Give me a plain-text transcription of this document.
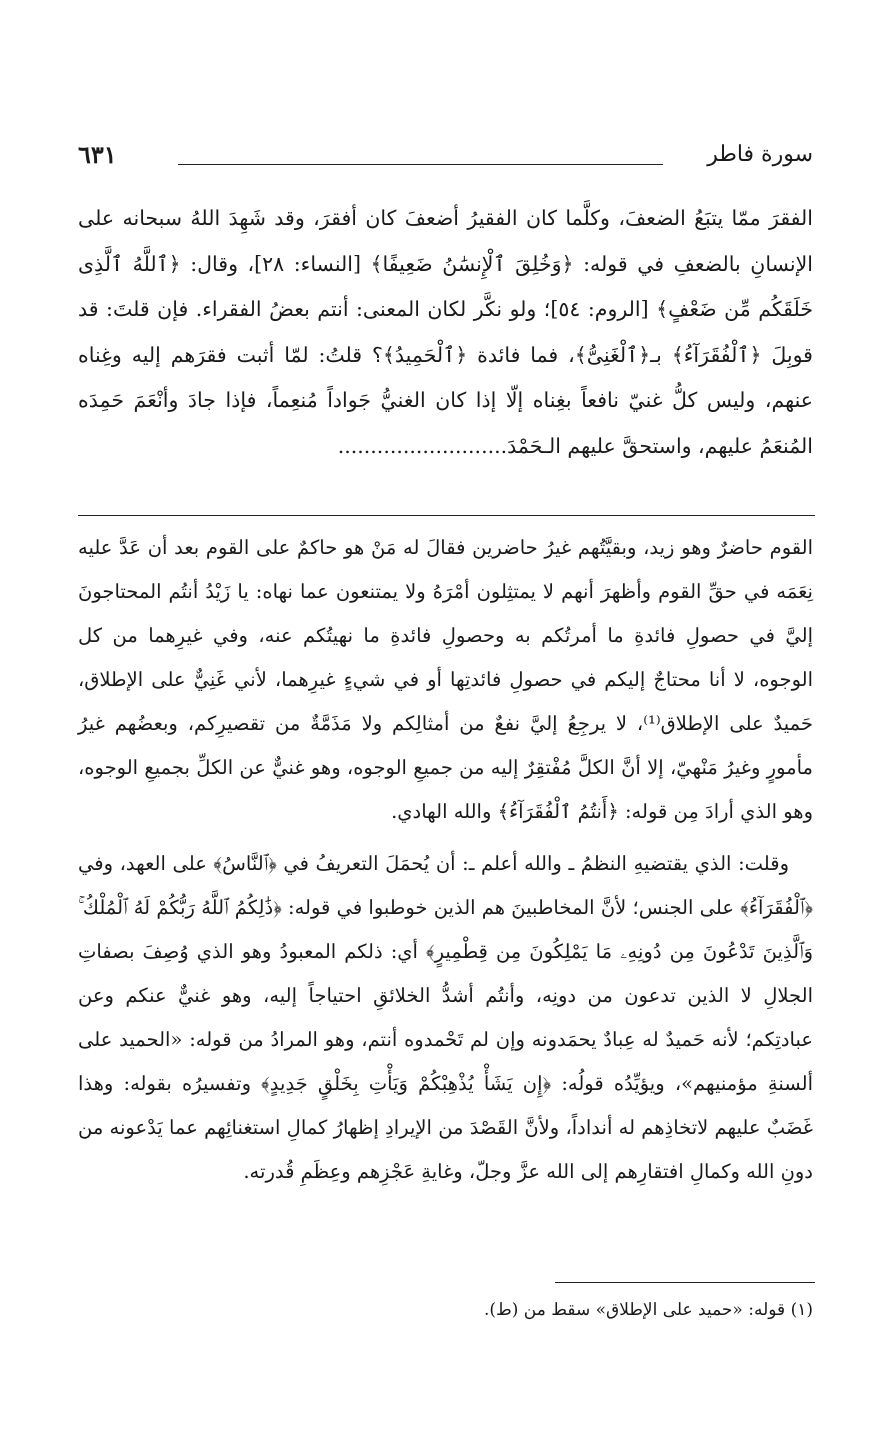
سورة فاطر
٦٣١

الفقرَ ممّا يتبَعُ الضعفَ، وكلَّما كان الفقيرُ أضعفَ كان أفقرَ، وقد شَهِدَ اللهُ سبحانه على الإنسانِ بالضعفِ في قوله: ﴿وَخُلِقَ ٱلْإِنسَٰنُ ضَعِيفًا﴾ [النساء: ٢٨]، وقال: ﴿ٱللَّهُ ٱلَّذِى خَلَقَكُم مِّن ضَعْفٍ﴾ [الروم: ٥٤]؛ ولو نكَّر لكان المعنى: أنتم بعضُ الفقراء. فإن قلتَ: قد قوبِلَ ﴿ٱلْفُقَرَآءُ﴾ بـ﴿ٱلْغَنِىُّ﴾، فما فائدة ﴿ٱلْحَمِيدُ﴾؟ قلتُ: لمّا أثبت فقرَهم إليه وغِناه عنهم، وليس كلُّ غنيّ نافعاً بغِناه إلّا إذا كان الغنيُّ جَواداً مُنعِماً، فإذا جادَ وأنْعَمَ حَمِدَه المُنعَمُ عليهم، واستحقَّ عليهم الـحَمْدَ..........................

القوم حاضرٌ وهو زيد، وبقيَّتُهم غيرُ حاضرين فقالَ له مَنْ هو حاكمٌ على القوم بعد أن عَدَّ عليه نِعَمَه في حقِّ القوم وأظهرَ أنهم لا يمتثِلون أمْرَهُ ولا يمتنعون عما نهاه: يا زَيْدُ أنتُم المحتاجونَ إليَّ في حصولِ فائدةِ ما أمرتُكم به وحصولِ فائدةِ ما نهيتُكم عنه، وفي غيرِهما من كل الوجوه، لا أنا محتاجٌ إليكم في حصولِ فائدتِها أو في شيءٍ غيرِهما، لأني غَنِيٌّ على الإطلاق، حَميدٌ على الإطلاق⁽¹⁾، لا يرجِعُ إليَّ نفعٌ من أمثالِكم ولا مَذَمَّةٌ من تقصيرِكم، وبعضُهم غيرُ مأمورٍ وغيرُ مَنْهيّ، إلا أنَّ الكلَّ مُفْتقِرٌ إليه من جميعِ الوجوه، وهو غنيٌّ عن الكلِّ بجميعِ الوجوه، وهو الذي أرادَ مِن قوله: ﴿أَنتُمُ ٱلْفُقَرَآءُ﴾ والله الهادي.

وقلت: الذي يقتضيهِ النظمُ ـ والله أعلم ـ: أن يُحمَلَ التعريفُ في ﴿ٱلنَّاسُ﴾ على العهد، وفي ﴿ٱلْفُقَرَآءُ﴾ على الجنس؛ لأنَّ المخاطبينَ هم الذين خوطبوا في قوله: ﴿ذَٰلِكُمُ ٱللَّهُ رَبُّكُمْ لَهُ ٱلْمُلْكُ ۚ وَٱلَّذِينَ تَدْعُونَ مِن دُونِهِۦ مَا يَمْلِكُونَ مِن قِطْمِيرٍ﴾ أي: ذلكم المعبودُ وهو الذي وُصِفَ بصفاتِ الجلالِ لا الذين تدعون من دونِه، وأنتُم أشدُّ الخلائقِ احتياجاً إليه، وهو غنيٌّ عنكم وعن عبادتِكم؛ لأنه حَميدٌ له عِبادٌ يحمَدونه وإن لم تَحْمدوه أنتم، وهو المرادُ من قوله: «الحميد على ألسنةِ مؤمنيهم»، ويؤيِّدُه قولُه: ﴿إِن يَشَأْ يُذْهِبْكُمْ وَيَأْتِ بِخَلْقٍ جَدِيدٍ﴾ وتفسيرُه بقوله: وهذا غَضَبٌ عليهم لاتخاذِهم له أنداداً، ولأنَّ القَصْدَ من الإيرادِ إظهارُ كمالِ استغنائِهم عما يَدْعونه من دونِ الله وكمالِ افتقارِهم إلى الله عزَّ وجلّ، وغايةِ عَجْزِهم وعِظَمِ قُدرته.

(١) قوله: «حميد على الإطلاق» سقط من (ط).
